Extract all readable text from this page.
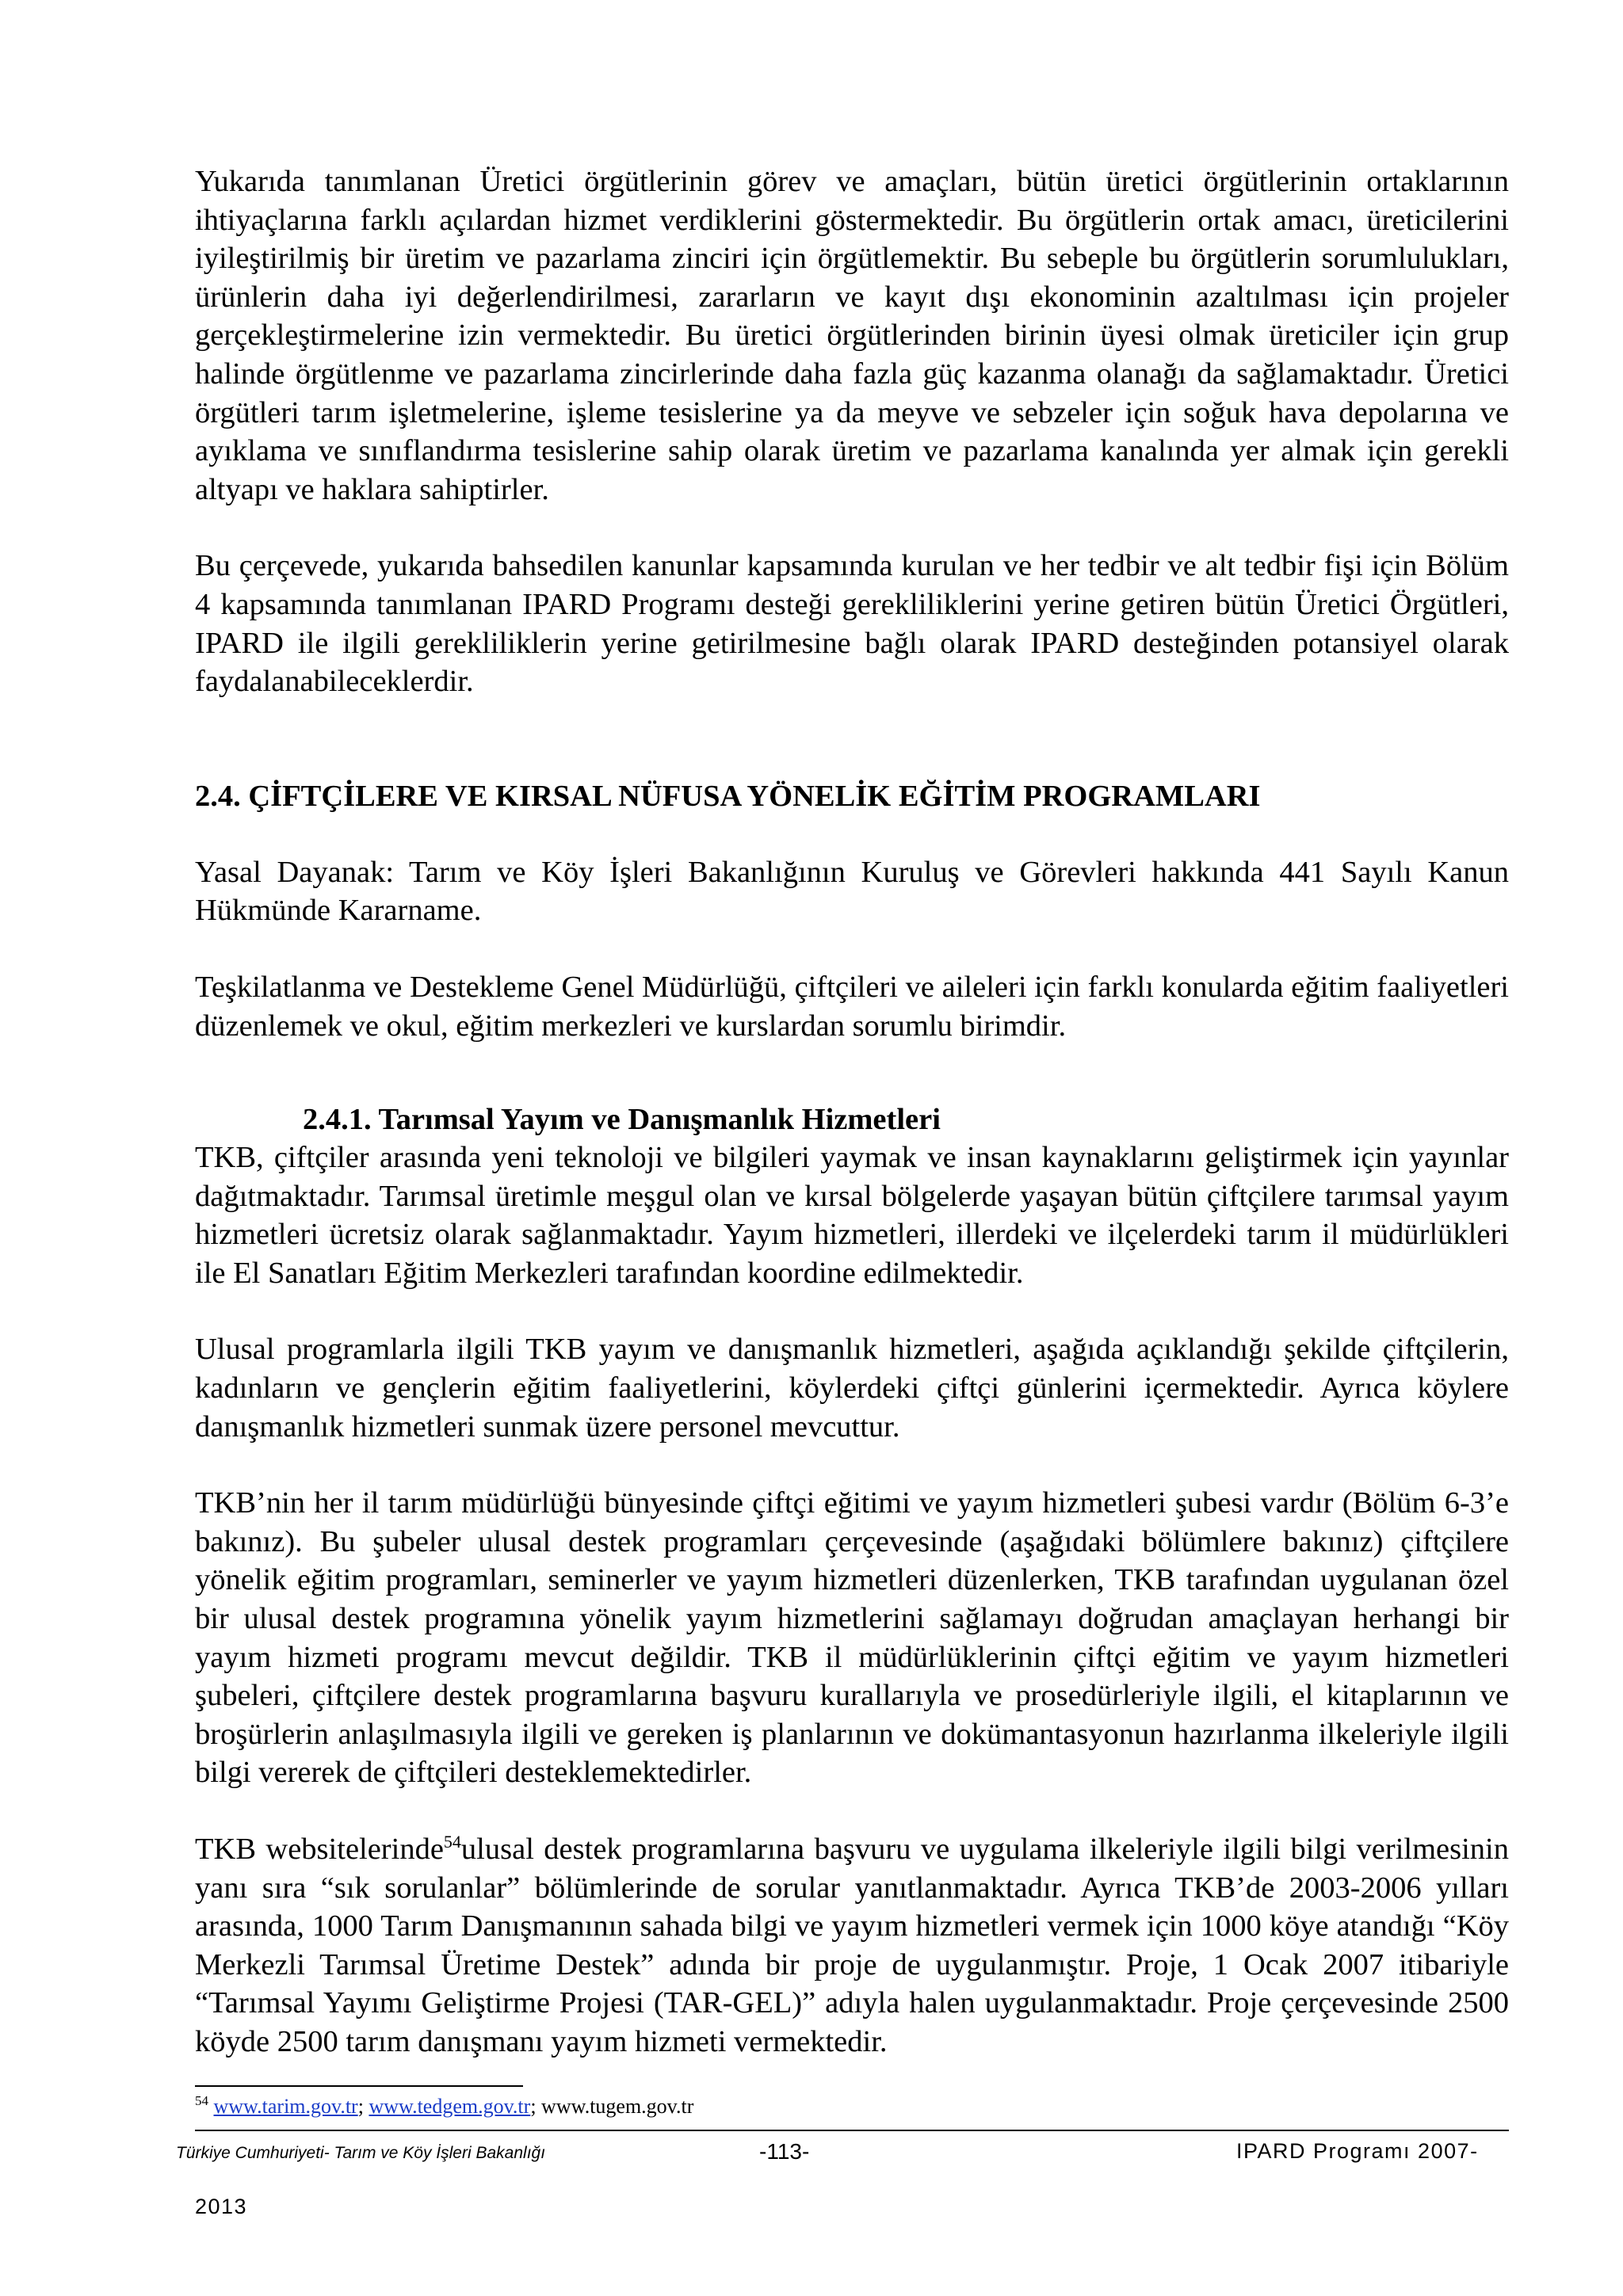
Yukarıda tanımlanan Üretici örgütlerinin görev ve amaçları, bütün üretici örgütlerinin ortaklarının ihtiyaçlarına farklı açılardan hizmet verdiklerini göstermektedir. Bu örgütlerin ortak amacı, üreticilerini iyileştirilmiş bir üretim ve pazarlama zinciri için örgütlemektir. Bu sebeple bu örgütlerin sorumlulukları, ürünlerin daha iyi değerlendirilmesi, zararların ve kayıt dışı ekonominin azaltılması için projeler gerçekleştirmelerine izin vermektedir. Bu üretici örgütlerinden birinin üyesi olmak üreticiler için grup halinde örgütlenme ve pazarlama zincirlerinde daha fazla güç kazanma olanağı da sağlamaktadır. Üretici örgütleri tarım işletmelerine, işleme tesislerine ya da meyve ve sebzeler için soğuk hava depolarına ve ayıklama ve sınıflandırma tesislerine sahip olarak üretim ve pazarlama kanalında yer almak için gerekli altyapı ve haklara sahiptirler.

Bu çerçevede, yukarıda bahsedilen kanunlar kapsamında kurulan ve her tedbir ve alt tedbir fişi için Bölüm 4 kapsamında tanımlanan IPARD Programı desteği gerekliliklerini yerine getiren bütün Üretici Örgütleri, IPARD ile ilgili gerekliliklerin yerine getirilmesine bağlı olarak IPARD desteğinden potansiyel olarak faydalanabileceklerdir.

2.4. ÇİFTÇİLERE VE KIRSAL NÜFUSA YÖNELİK EĞİTİM PROGRAMLARI

Yasal Dayanak: Tarım ve Köy İşleri Bakanlığının Kuruluş ve Görevleri hakkında 441 Sayılı Kanun Hükmünde Kararname.

Teşkilatlanma ve Destekleme Genel Müdürlüğü, çiftçileri ve aileleri için farklı konularda eğitim faaliyetleri düzenlemek ve okul, eğitim merkezleri ve kurslardan sorumlu birimdir.

2.4.1. Tarımsal Yayım ve Danışmanlık Hizmetleri

TKB, çiftçiler arasında yeni teknoloji ve bilgileri yaymak ve insan kaynaklarını geliştirmek için yayınlar dağıtmaktadır. Tarımsal üretimle meşgul olan ve kırsal bölgelerde yaşayan bütün çiftçilere tarımsal yayım hizmetleri ücretsiz olarak sağlanmaktadır. Yayım hizmetleri, illerdeki ve ilçelerdeki tarım il müdürlükleri ile El Sanatları Eğitim Merkezleri tarafından koordine edilmektedir.

Ulusal programlarla ilgili TKB yayım ve danışmanlık hizmetleri, aşağıda açıklandığı şekilde çiftçilerin, kadınların ve gençlerin eğitim faaliyetlerini, köylerdeki çiftçi günlerini içermektedir. Ayrıca köylere danışmanlık hizmetleri sunmak üzere personel mevcuttur.

TKB’nin her il tarım müdürlüğü bünyesinde çiftçi eğitimi ve yayım hizmetleri şubesi vardır (Bölüm 6-3’e bakınız). Bu şubeler ulusal destek programları çerçevesinde (aşağıdaki bölümlere bakınız) çiftçilere yönelik eğitim programları, seminerler ve yayım hizmetleri düzenlerken, TKB tarafından uygulanan özel bir ulusal destek programına yönelik yayım hizmetlerini sağlamayı doğrudan amaçlayan herhangi bir yayım hizmeti programı mevcut değildir. TKB il müdürlüklerinin çiftçi eğitim ve yayım hizmetleri şubeleri, çiftçilere destek programlarına başvuru kurallarıyla ve prosedürleriyle ilgili, el kitaplarının ve broşürlerin anlaşılmasıyla ilgili ve gereken iş planlarının ve dokümantasyonun hazırlanma ilkeleriyle ilgili bilgi vererek de çiftçileri desteklemektedirler.

TKB websitelerinde$^{54}$ulusal destek programlarına başvuru ve uygulama ilkeleriyle ilgili bilgi verilmesinin yanı sıra “sık sorulanlar” bölümlerinde de sorular yanıtlanmaktadır. Ayrıca TKB’de 2003-2006 yılları arasında, 1000 Tarım Danışmanının sahada bilgi ve yayım hizmetleri vermek için 1000 köye atandığı “Köy Merkezli Tarımsal Üretime Destek” adında bir proje de uygulanmıştır. Proje, 1 Ocak 2007 itibariyle “Tarımsal Yayımı Geliştirme Projesi (TAR-GEL)” adıyla halen uygulanmaktadır. Proje çerçevesinde 2500 köyde 2500 tarım danışmanı yayım hizmeti vermektedir.

$^{54}$ www.tarim.gov.tr; www.tedgem.gov.tr; www.tugem.gov.tr
Türkiye Cumhuriyeti- Tarım ve Köy İşleri Bakanlığı	-113-	IPARD Programı 2007-
2013
